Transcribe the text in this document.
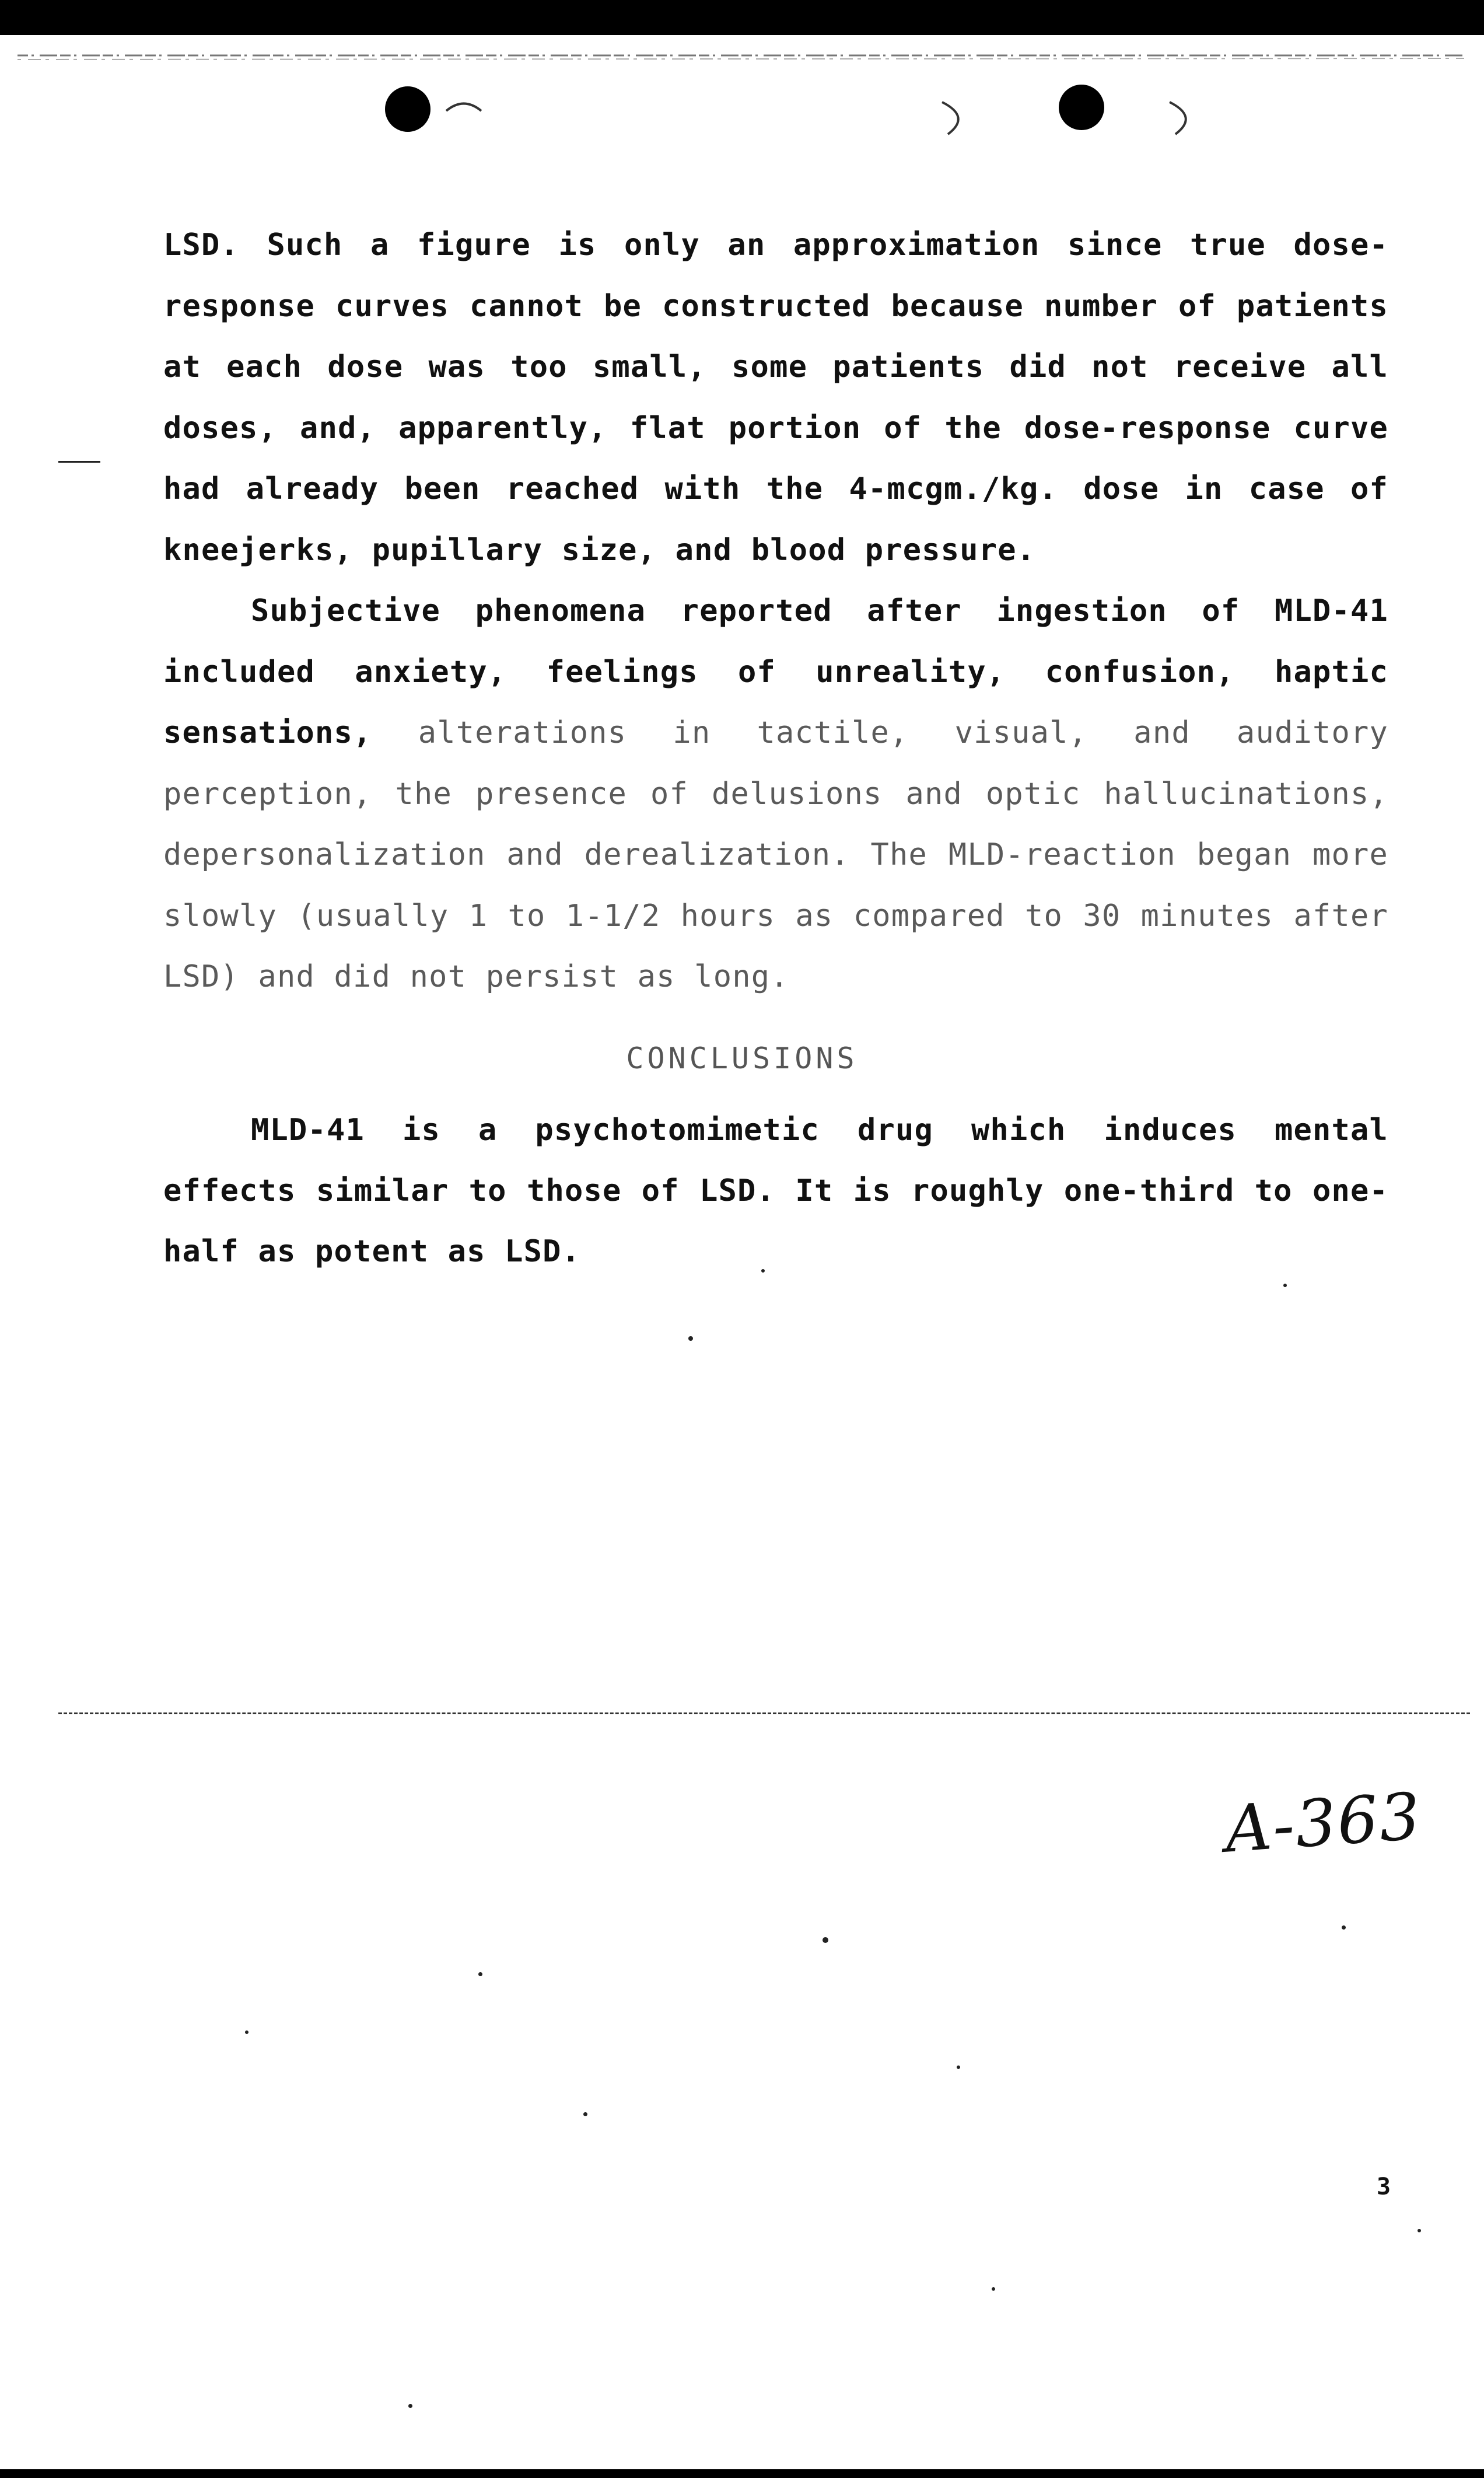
LSD. Such a figure is only an approximation since true dose-response curves cannot be constructed because number of patients at each dose was too small, some patients did not receive all doses, and, apparently, flat portion of the dose-response curve had already been reached with the 4-mcgm./kg. dose in case of kneejerks, pupillary size, and blood pressure.

Subjective phenomena reported after ingestion of MLD-41 included anxiety, feelings of unreality, confusion, haptic sensations, alterations in tactile, visual, and auditory perception, the presence of delusions and optic hallucinations, depersonalization and derealization. The MLD-reaction began more slowly (usually 1 to 1-1/2 hours as compared to 30 minutes after LSD) and did not persist as long.

CONCLUSIONS

MLD-41 is a psychotomimetic drug which induces mental effects similar to those of LSD. It is roughly one-third to one-half as potent as LSD.

A-363
3
